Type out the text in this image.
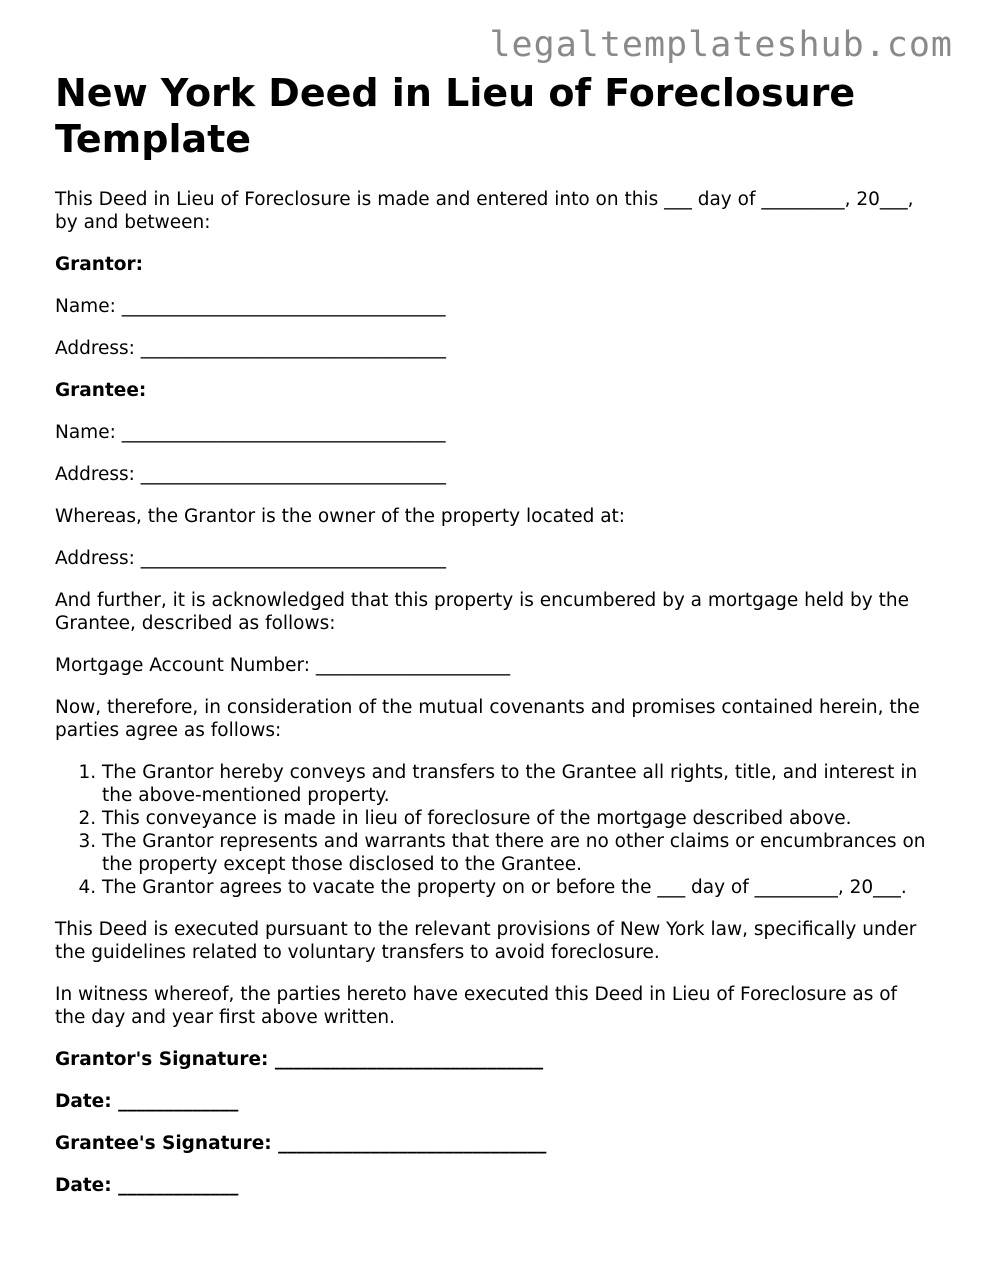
legaltemplateshub.com
New York Deed in Lieu of Foreclosure Template

This Deed in Lieu of Foreclosure is made and entered into on this ___ day of _________, 20___, by and between:

Grantor:

Name: ___________________________________

Address: _________________________________

Grantee:

Name: ___________________________________

Address: _________________________________

Whereas, the Grantor is the owner of the property located at:

Address: _________________________________

And further, it is acknowledged that this property is encumbered by a mortgage held by the Grantee, described as follows:

Mortgage Account Number: _____________________

Now, therefore, in consideration of the mutual covenants and promises contained herein, the parties agree as follows:

1. The Grantor hereby conveys and transfers to the Grantee all rights, title, and interest in the above-mentioned property.
2. This conveyance is made in lieu of foreclosure of the mortgage described above.
3. The Grantor represents and warrants that there are no other claims or encumbrances on the property except those disclosed to the Grantee.
4. The Grantor agrees to vacate the property on or before the ___ day of _________, 20___.

This Deed is executed pursuant to the relevant provisions of New York law, specifically under the guidelines related to voluntary transfers to avoid foreclosure.

In witness whereof, the parties hereto have executed this Deed in Lieu of Foreclosure as of the day and year first above written.

Grantor's Signature: _____________________________

Date: _____________

Grantee's Signature: _____________________________

Date: _____________
